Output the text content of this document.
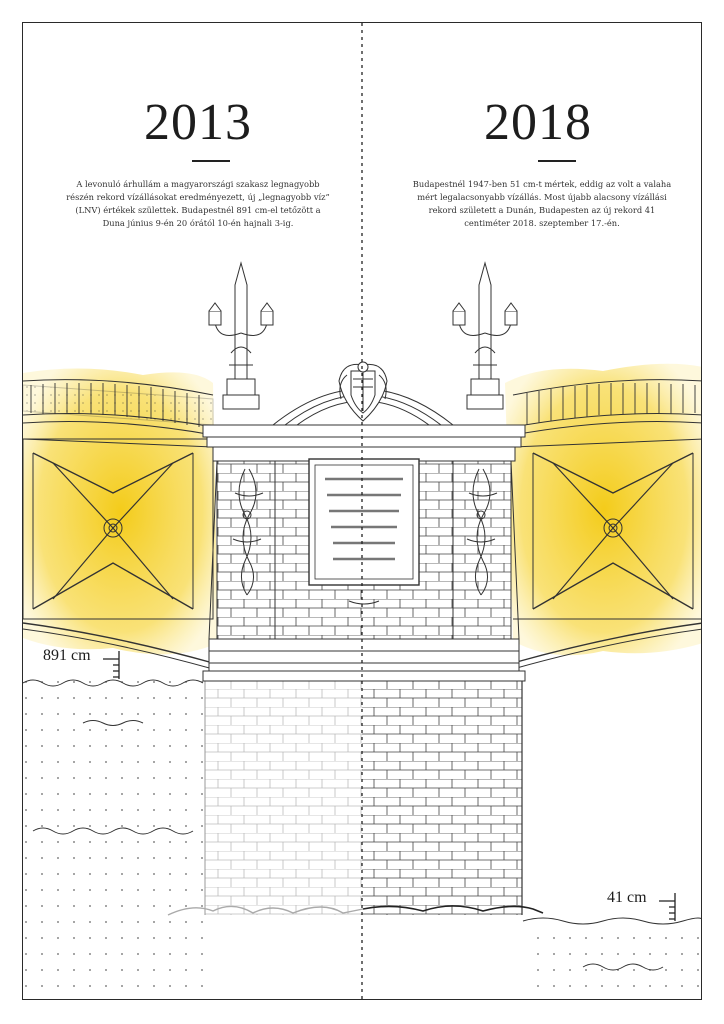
2013
A levonuló árhullám a magyarországi szakasz legnagyobb részén rekord vízállásokat eredményezett, új „legnagyobb víz” (LNV) értékek születtek. Budapestnél 891 cm-el tetőzött a Duna június 9-én 20 órától 10-én hajnali 3-ig.
2018
Budapestnél 1947-ben 51 cm-t mértek, eddig az volt a valaha mért legalacsonyabb vízállás. Most újabb alacsony vízállási rekord született a Dunán, Budapesten az új rekord 41 centiméter 2018. szeptember 17.-én.
891 cm
41 cm
